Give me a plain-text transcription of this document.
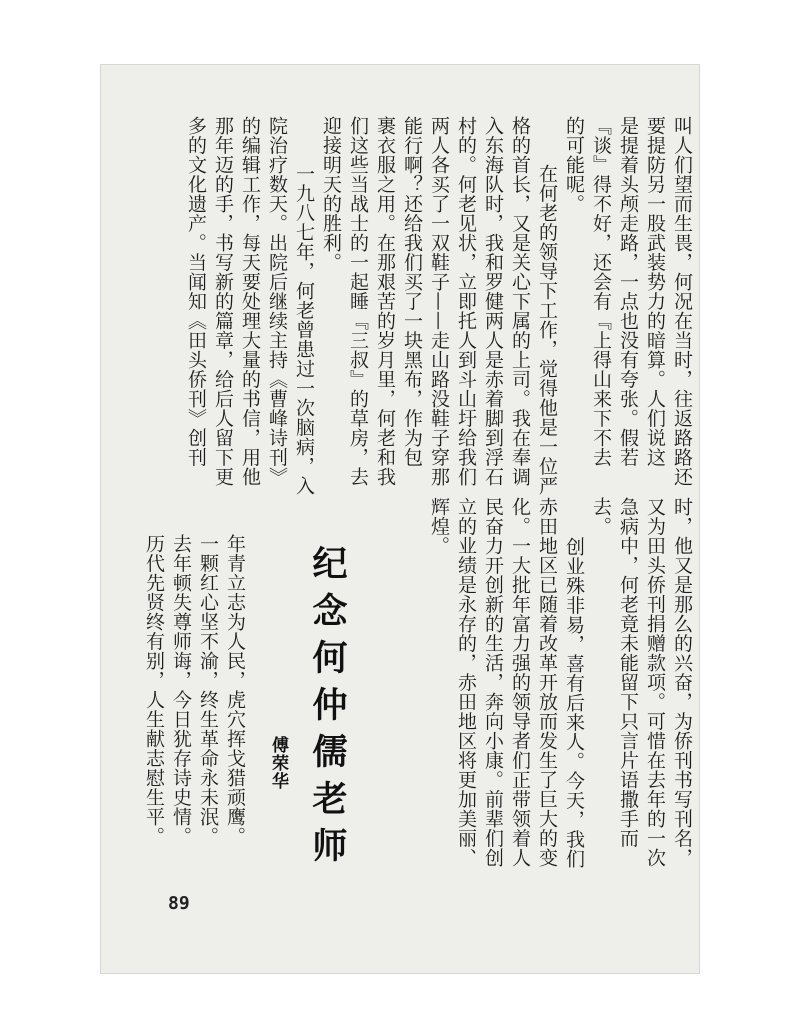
叫人们望而生畏，何况在当时，往返路路还
要提防另一股武装势力的暗算。人们说这
是提着头颅走路，一点也没有夸张。假若
『谈』得不好，还会有『上得山来下不去
的可能呢。
在何老的领导下工作，觉得他是一位严
格的首长，又是关心下属的上司。我在奉调
入东海队时，我和罗健两人是赤着脚到浮石
村的。何老见状，立即托人到斗山圩给我们
两人各买了一双鞋子——走山路没鞋子穿那
能行啊？还给我们买了一块黑布，作为包
裹衣服之用。在那艰苦的岁月里，何老和我
们这些当战士的一起睡『三叔』的草房，去
迎接明天的胜利。
一九八七年，何老曾患过一次脑病，入
院治疗数天。出院后继续主持《曹峰诗刊》
的编辑工作，每天要处理大量的书信，用他
那年迈的手，书写新的篇章，给后人留下更
多的文化遗产。当闻知《田头侨刊》创刊
时，他又是那么的兴奋，为侨刊书写刊名，
又为田头侨刊捐赠款项。可惜在去年的一次
急病中，何老竟未能留下只言片语撒手而
去。
创业殊非易，喜有后来人。今天，我们
赤田地区已随着改革开放而发生了巨大的变
化。一大批年富力强的领导者们正带领着人
民奋力开创新的生活，奔向小康。前辈们创
立的业绩是永存的，赤田地区将更加美丽、
辉煌。
纪念何仲儒老师
傅荣华
历代先贤终有别，人生献志慰生平。 去年顿失尊师诲，今日犹存诗史情。 一颗红心坚不渝，终生革命永未泯。 年青立志为人民，虎穴挥戈猎顽鹰。
89
